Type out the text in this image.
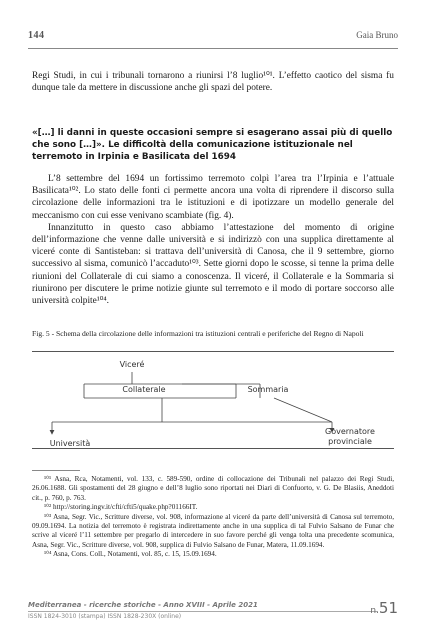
144	Gaia Bruno

Regi Studi, in cui i tribunali tornarono a riunirsi l’8 luglio¹⁰¹. L’effetto caotico del sisma fu dunque tale da mettere in discussione anche gli spazi del potere.

«[…] li danni in queste occasioni sempre si esagerano assai più di quello che sono […]». Le difficoltà della comunicazione istituzionale nel terremoto in Irpinia e Basilicata del 1694

L’8 settembre del 1694 un fortissimo terremoto colpì l’area tra l’Irpinia e l’attuale Basilicata¹⁰². Lo stato delle fonti ci permette ancora una volta di riprendere il discorso sulla circolazione delle informazioni tra le istituzioni e di ipotizzare un modello generale del meccanismo con cui esse venivano scambiate (fig. 4).

Innanzitutto in questo caso abbiamo l’attestazione del momento di origine dell’informazione che venne dalle università e si indirizzò con una supplica direttamente al viceré conte di Santisteban: si trattava dell’università di Canosa, che il 9 settembre, giorno successivo al sisma, comunicò l’accaduto¹⁰³. Sette giorni dopo le scosse, si tenne la prima delle riunioni del Collaterale di cui siamo a conoscenza. Il viceré, il Collaterale e la Sommaria si riunirono per discutere le prime notizie giunte sul terremoto e il modo di portare soccorso alle università colpite¹⁰⁴.

Fig. 5 - Schema della circolazione delle informazioni tra istituzioni centrali e periferiche del Regno di Napoli
Viceré
Collaterale	Sommaria
Università
Governatore
provinciale

¹⁰¹ Asna, Rca, Notamenti, vol. 133, c. 589-590, ordine di collocazione dei Tribunali nel palazzo dei Regi Studi, 26.06.1688. Gli spostamenti del 28 giugno e dell’8 luglio sono riportati nei Diari di Confuorto, v. G. De Blasiis, Aneddoti cit., p. 760, p. 763.

¹⁰² http://storing.ingv.it/cfti/cfti5/quake.php?01166IT.

¹⁰³ Asna, Segr. Vic., Scritture diverse, vol. 908, informazione al viceré da parte dell’università di Canosa sul terremoto, 09.09.1694. La notizia del terremoto è registrata indirettamente anche in una supplica di tal Fulvio Salsano de Funar che scrive al viceré l’11 settembre per pregarlo di intercedere in suo favore perché gli venga tolta una precedente scomunica, Asna, Segr. Vic., Scritture diverse, vol. 908, supplica di Fulvio Salsano de Funar, Matera, 11.09.1694.

¹⁰⁴ Asna, Cons. Coll., Notamenti, vol. 85, c. 15, 15.09.1694.

Mediterranea - ricerche storiche - Anno XVIII - Aprile 2021
ISSN 1824-3010 (stampa) ISSN 1828-230X (online)
n.51
